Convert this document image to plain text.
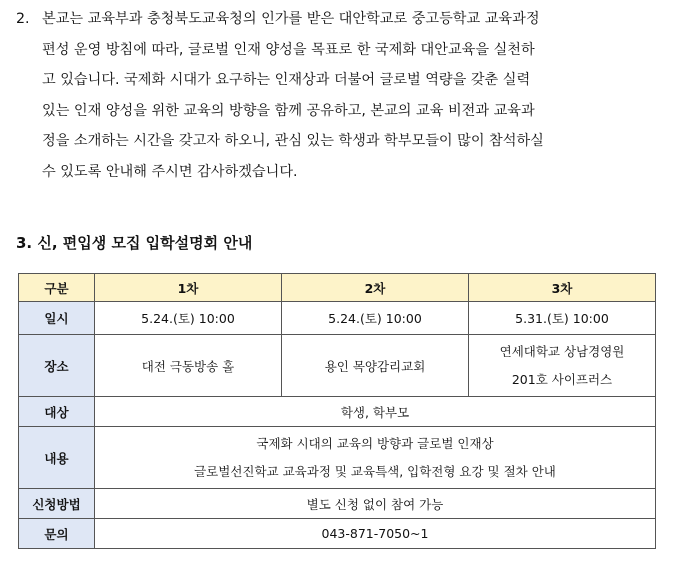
2. 본교는 교육부과 충청북도교육청의 인가를 받은 대안학교로 중고등학교 교육과정
편성 운영 방침에 따라, 글로벌 인재 양성을 목표로 한 국제화 대안교육을 실천하
고 있습니다. 국제화 시대가 요구하는 인재상과 더불어 글로벌 역량을 갖춘 실력
있는 인재 양성을 위한 교육의 방향을 함께 공유하고, 본교의 교육 비전과 교육과
정을 소개하는 시간을 갖고자 하오니, 관심 있는 학생과 학부모들이 많이 참석하실
수 있도록 안내해 주시면 감사하겠습니다.
3. 신, 편입생 모집 입학설명회 안내
구분	1차	2차	3차
일시	5.24.(토) 10:00	5.24.(토) 10:00	5.31.(토) 10:00
장소	대전 극동방송 홀	용인 목양감리교회	연세대학교 상남경영원
201호 사이프러스

대상	학생, 학부모		
내용	국제화 시대의 교육의 방향과 글로벌 인재상
글로벌선진학교 교육과정 및 교육특색, 입학전형 요강 및 절차 안내		

신청방법	별도 신청 없이 참여 가능		
문의	043-871-7050~1		
